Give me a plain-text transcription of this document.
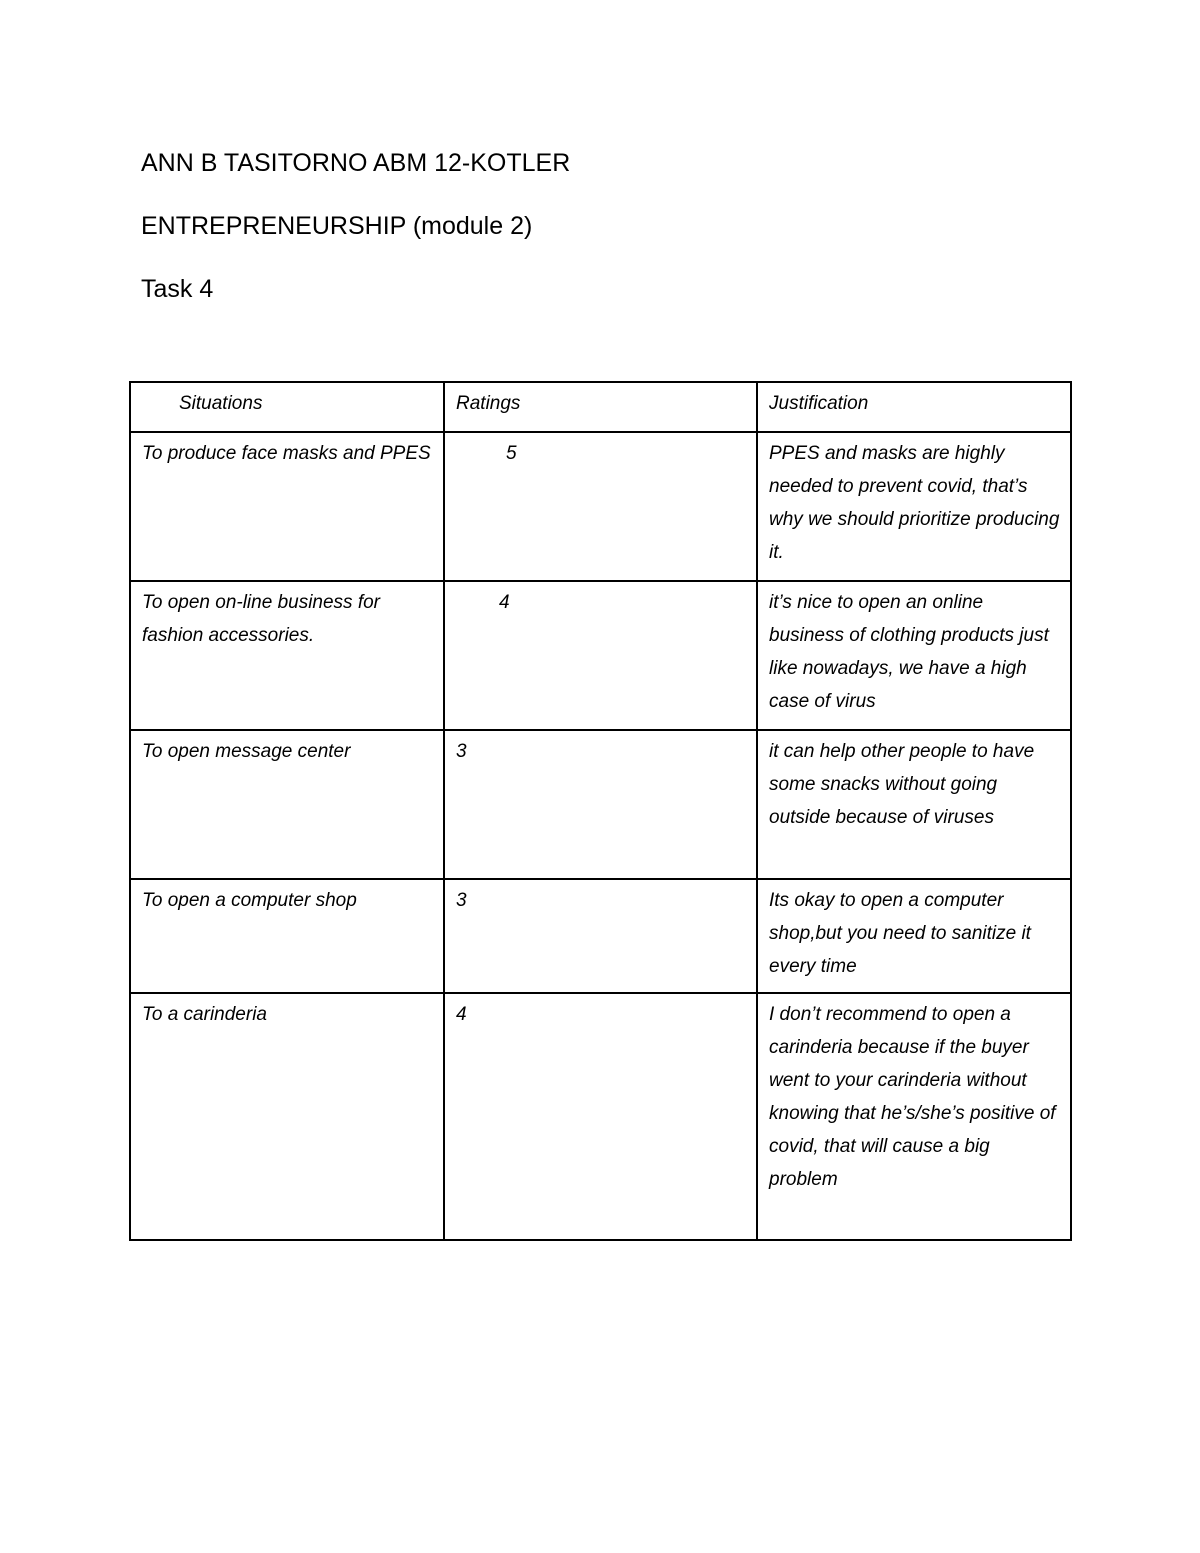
ANN B TASITORNO ABM 12-KOTLER
ENTREPRENEURSHIP (module 2)
Task 4
Situations	Ratings	Justification
To produce face masks and PPES	5	PPES and masks are highly needed to prevent covid, that’s why we should prioritize producing it.
To open on-line business for fashion accessories.	4	it’s nice to open an online business of clothing products just like nowadays, we have a high case of virus
To open message center	3	it can help other people to have some snacks without going outside because of viruses
To open a computer shop	3	Its okay to open a computer shop,but you need to sanitize it every time
To a carinderia	4	I don’t recommend to open a carinderia because if the buyer went to your carinderia without knowing that he’s/she’s positive of covid, that will cause a big problem
